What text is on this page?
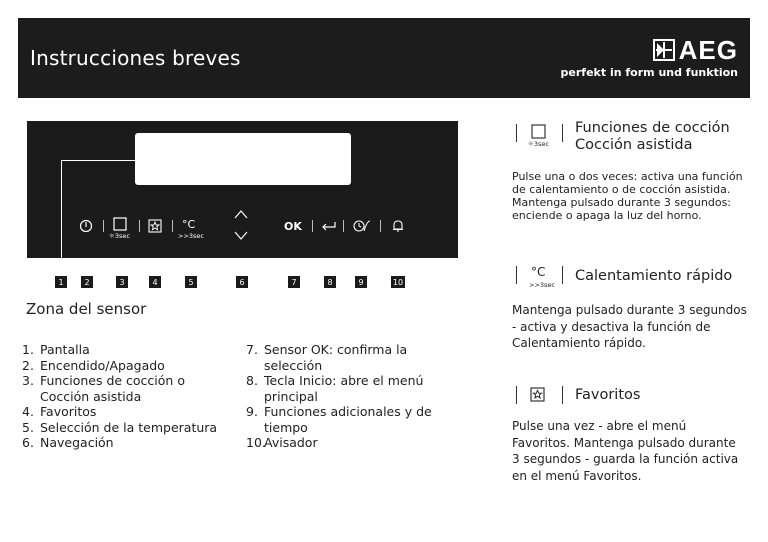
Instrucciones breves	AEG
perfekt in form und funktion
☼3sec
°C
>>3sec
OK
1	2	3	4	5	6	7	8	9	10
Zona del sensor
1. Pantalla
2. Encendido/Apagado
3. Funciones de cocción o Cocción asistida
4. Favoritos
5. Selección de la temperatura
6. Navegación
7. Sensor OK: confirma la selección
8. Tecla Inicio: abre el menú principal
9. Funciones adicionales y de tiempo
10.
Avisador
☼3sec
Funciones de cocción
Cocción asistida
Pulse una o dos veces: activa una función de calentamiento o de cocción asistida. Mantenga pulsado durante 3 segundos: enciende o apaga la luz del horno.
°C
>>3sec
Calentamiento rápido
Mantenga pulsado durante 3 segundos - activa y desactiva la función de Calentamiento rápido.
Favoritos
Pulse una vez - abre el menú Favoritos. Mantenga pulsado durante 3 segundos - guarda la función activa en el menú Favoritos.
